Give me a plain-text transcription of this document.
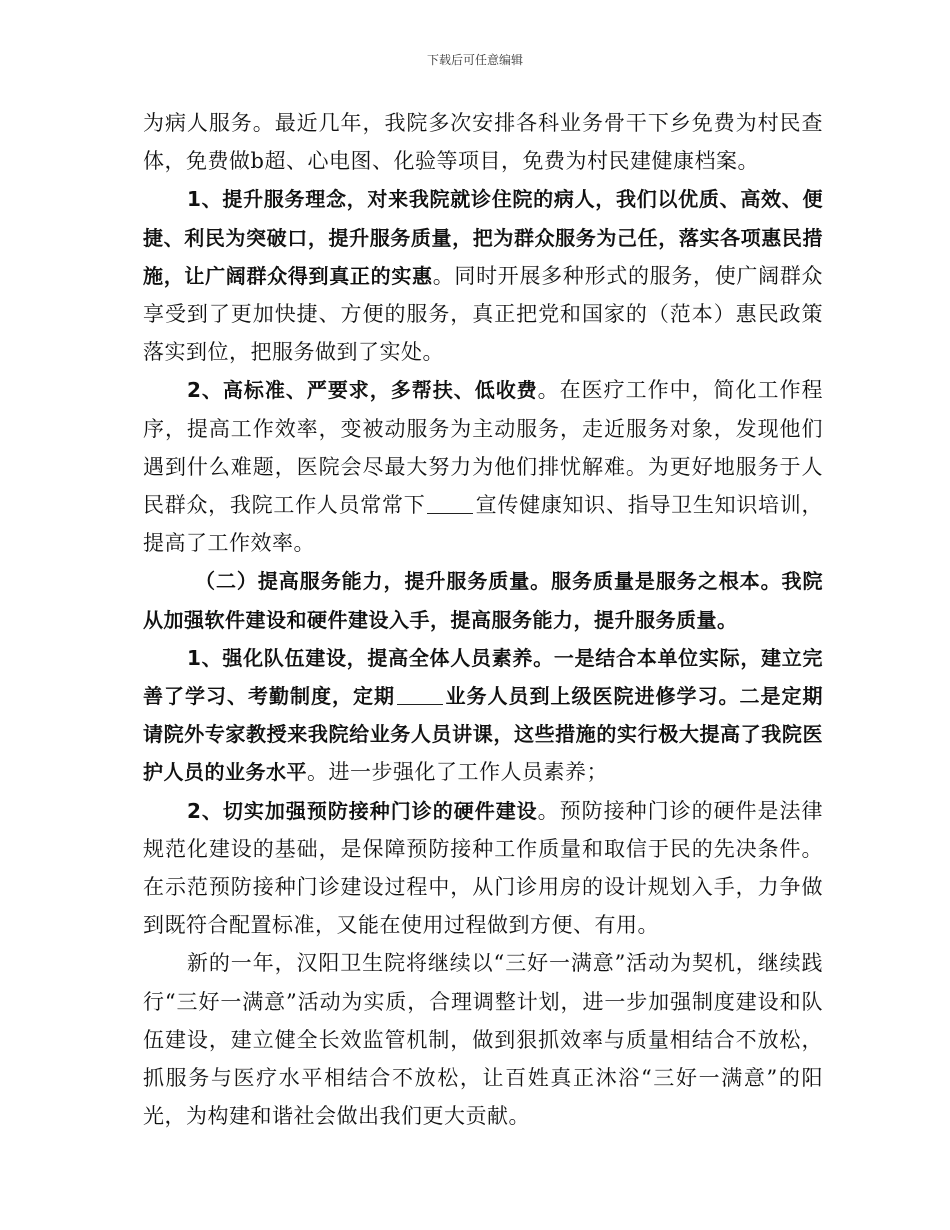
下载后可任意编辑

为病人服务。最近几年，我院多次安排各科业务骨干下乡免费为村民查体，免费做b超、心电图、化验等项目，免费为村民建健康档案。

1、提升服务理念，对来我院就诊住院的病人，我们以优质、高效、便捷、利民为突破口，提升服务质量，把为群众服务为己任，落实各项惠民措施，让广阔群众得到真正的实惠。同时开展多种形式的服务，使广阔群众享受到了更加快捷、方便的服务，真正把党和国家的（范本）惠民政策落实到位，把服务做到了实处。

2、高标准、严要求，多帮扶、低收费。在医疗工作中，简化工作程序，提高工作效率，变被动服务为主动服务，走近服务对象，发现他们遇到什么难题，医院会尽最大努力为他们排忧解难。为更好地服务于人民群众，我院工作人员常常下 宣传健康知识、指导卫生知识培训，提高了工作效率。

（二）提高服务能力，提升服务质量。服务质量是服务之根本。我院从加强软件建设和硬件建设入手，提高服务能力，提升服务质量。

1、强化队伍建设，提高全体人员素养。一是结合本单位实际，建立完善了学习、考勤制度，定期	业务人员到上级医院进修学习。二是定期请院外专家教授来我院给业务人员讲课，这些措施的实行极大提高了我院医护人员的业务水平。进一步强化了工作人员素养；

2、切实加强预防接种门诊的硬件建设。预防接种门诊的硬件是法律规范化建设的基础，是保障预防接种工作质量和取信于民的先决条件。在示范预防接种门诊建设过程中，从门诊用房的设计规划入手，力争做到既符合配置标准，又能在使用过程做到方便、有用。

新的一年，汉阳卫生院将继续以“三好一满意”活动为契机，继续践行“三好一满意”活动为实质，合理调整计划，进一步加强制度建设和队伍建设，建立健全长效监管机制，做到狠抓效率与质量相结合不放松，抓服务与医疗水平相结合不放松，让百姓真正沐浴“三好一满意”的阳光，为构建和谐社会做出我们更大贡献。
